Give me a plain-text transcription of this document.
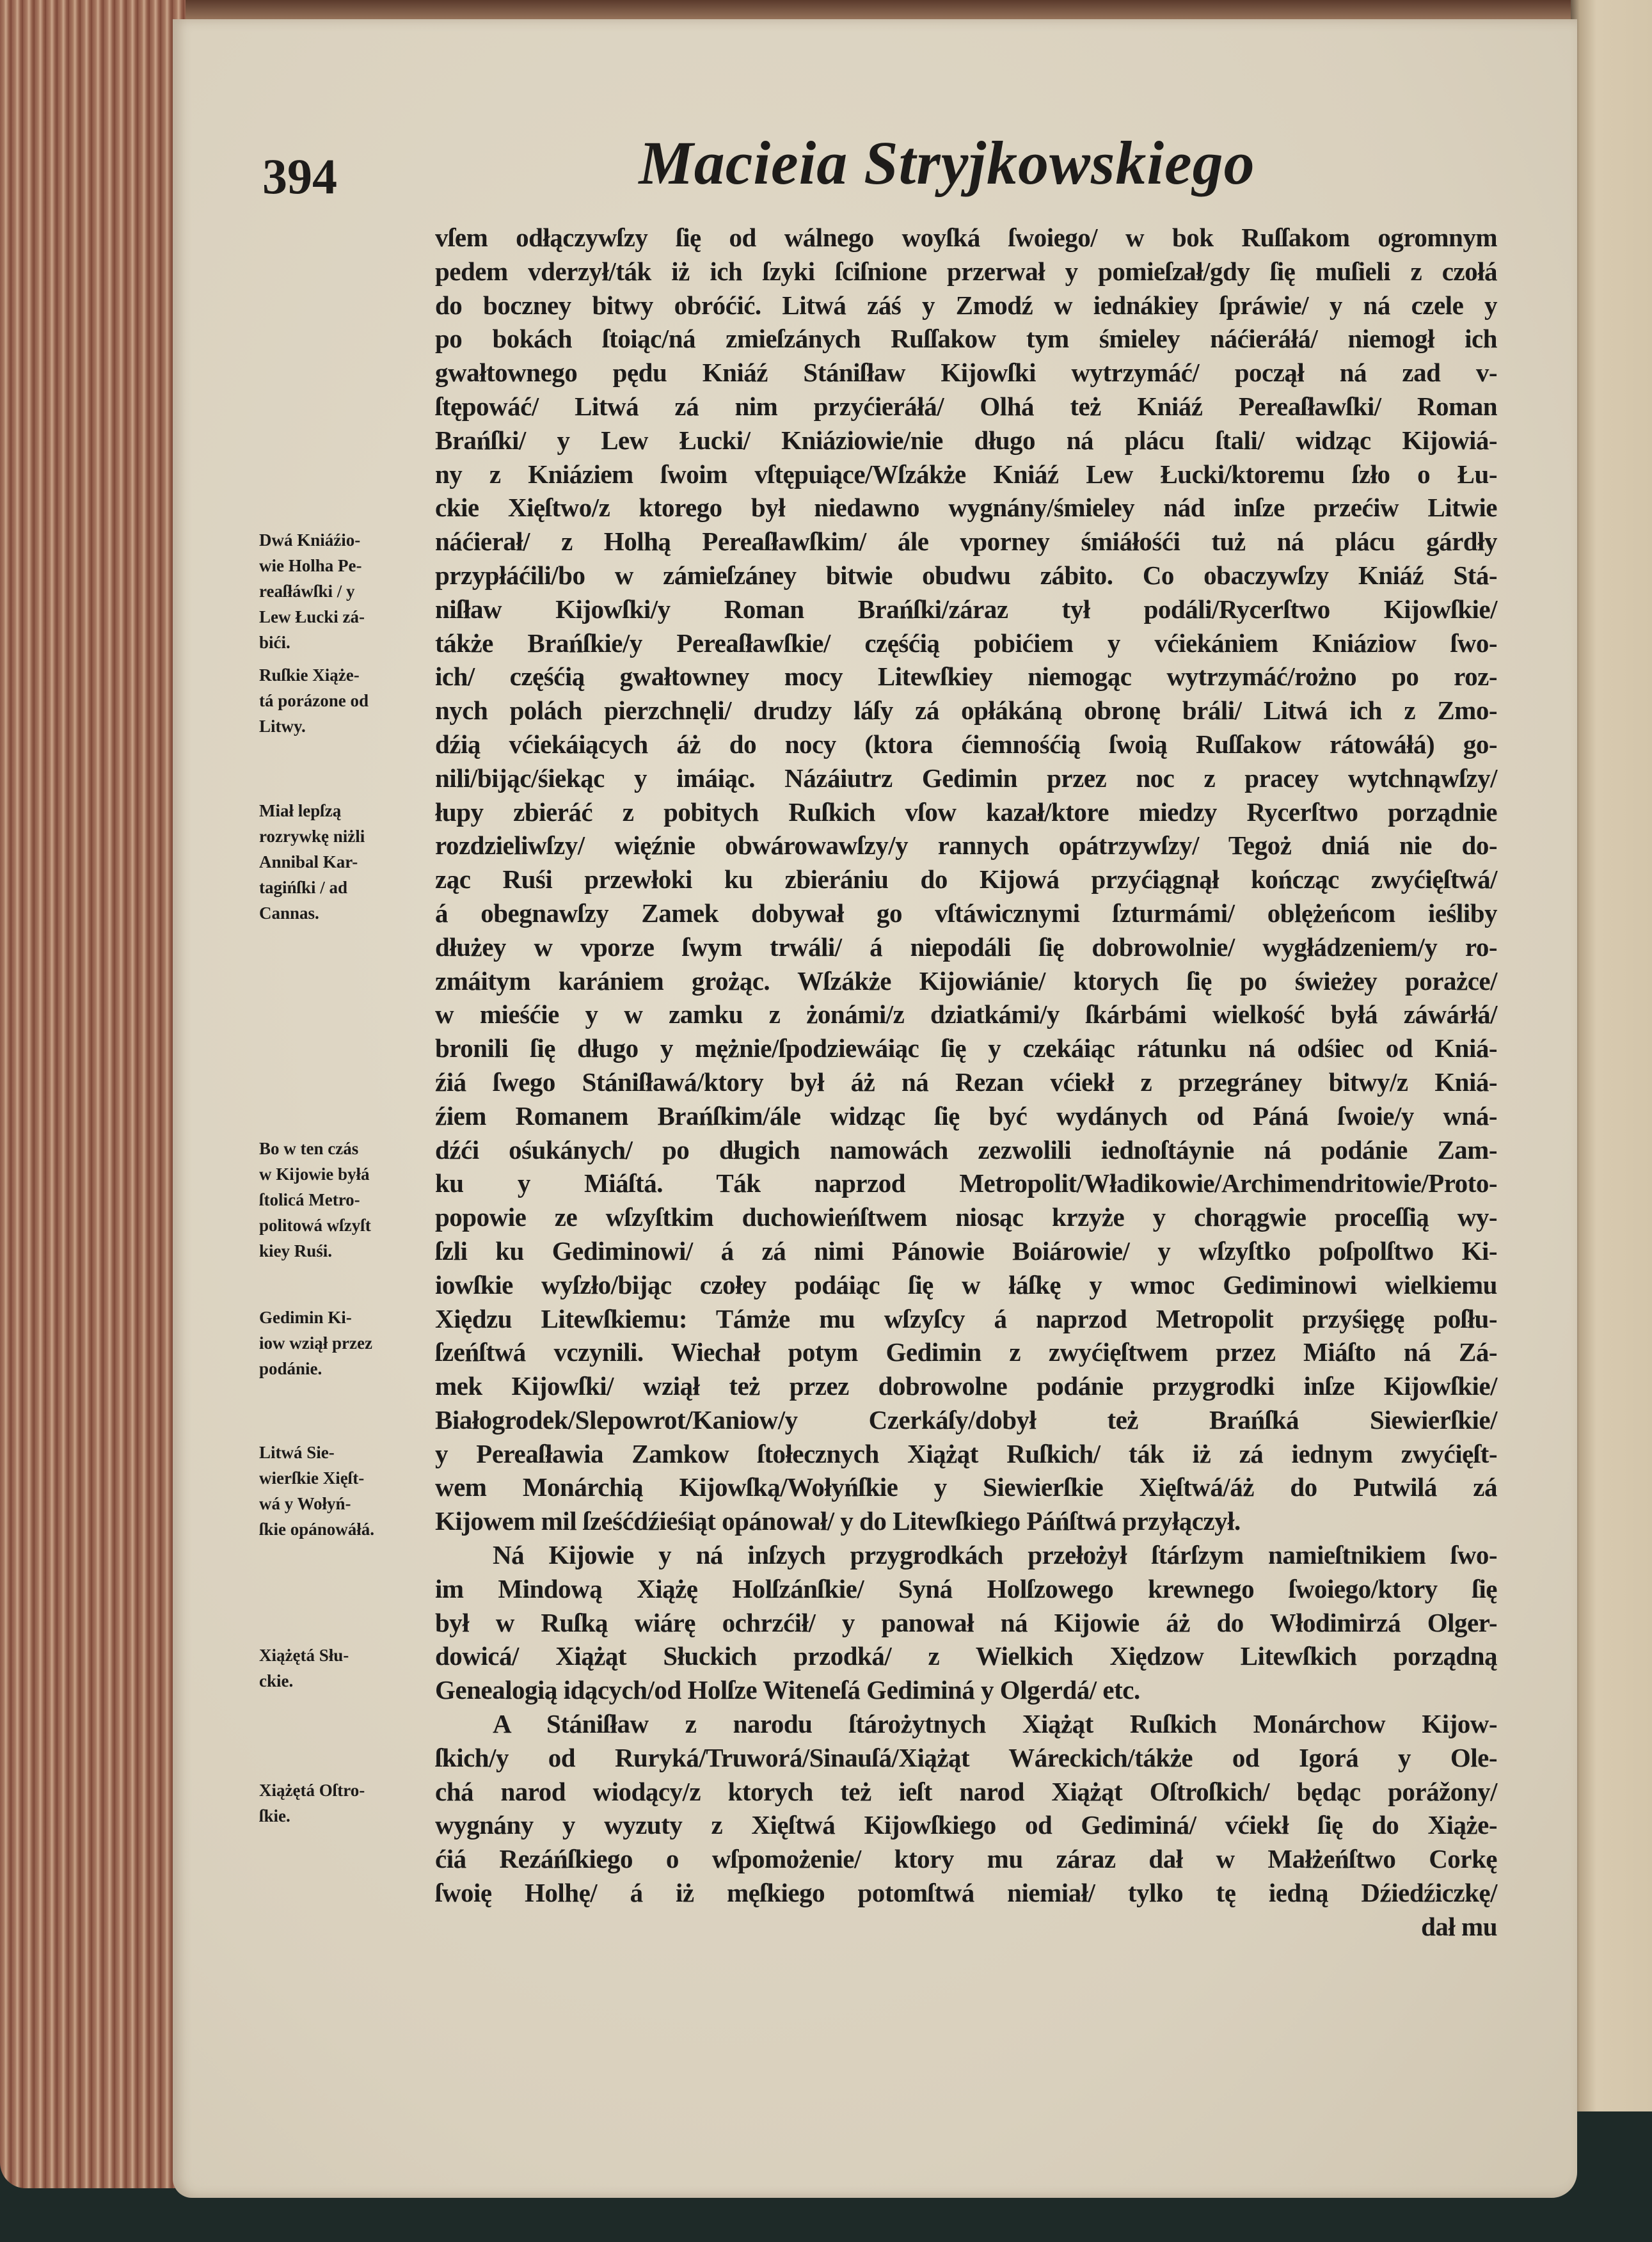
394	Macieia Stryjkowskiego
vſem odłączywſzy ſię od wálnego woyſká ſwoiego/ w bok Ruſſakom ogromnym
pedem vderzył/ták iż ich ſzyki ſciſnione przerwał y pomieſzał/gdy ſię muſieli z czołá
do boczney bitwy obróćić. Litwá záś y Zmodź w iednákiey ſpráwie/ y ná czele y
po bokách ſtoiąc/ná zmieſzánych Ruſſakow tym śmieley náćieráłá/ niemogł ich
gwałtownego pędu Kniáź Stániſław Kijowſki wytrzymáć/ począł ná zad v-
ſtępowáć/ Litwá zá nim przyćieráłá/ Olhá też Kniáź Pereaſławſki/ Roman
Brańſki/ y Lew Łucki/ Kniáziowie/nie długo ná plácu ſtali/ widząc Kijowiá-
ny z Kniáziem ſwoim vſtępuiące/Wſzákże Kniáź Lew Łucki/ktoremu ſzło o Łu-
ckie Xięſtwo/z ktorego był niedawno wygnány/śmieley nád inſze przećiw Litwie
náćierał/ z Holhą Pereaſławſkim/ ále vporney śmiáłośći tuż ná plácu gárdły
przypłáćili/bo w zámieſzáney bitwie obudwu zábito. Co obaczywſzy Kniáź Stá-
niſław Kijowſki/y Roman Brańſki/záraz tył podáli/Rycerſtwo Kijowſkie/
tákże Brańſkie/y Pereaſławſkie/ częśćią pobićiem y vćiekániem Kniáziow ſwo-
ich/ częśćią gwałtowney mocy Litewſkiey niemogąc wytrzymáć/rożno po roz-
nych polách pierzchnęli/ drudzy láſy zá opłákáną obronę bráli/ Litwá ich z Zmo-
dźią vćiekáiących áż do nocy (ktora ćiemnośćią ſwoią Ruſſakow rátowáłá) go-
nili/bijąc/śiekąc y imáiąc. Názáiutrz Gedimin przez noc z pracey wytchnąwſzy/
łupy zbieráć z pobitych Ruſkich vſow kazał/ktore miedzy Rycerſtwo porządnie
rozdzieliwſzy/ więźnie obwárowawſzy/y rannych opátrzywſzy/ Tegoż dniá nie do-
ząc Ruśi przewłoki ku zbierániu do Kijowá przyćiągnął kończąc zwyćięſtwá/
á obegnawſzy Zamek dobywał go vſtáwicznymi ſzturmámi/ oblężeńcom ieśliby
dłużey w vporze ſwym trwáli/ á niepodáli ſię dobrowolnie/ wygłádzeniem/y ro-
zmáitym karániem grożąc. Wſzákże Kijowiánie/ ktorych ſię po świeżey porażce/
w mieśćie y w zamku z żonámi/z dziatkámi/y ſkárbámi wielkość byłá záwárłá/
bronili ſię długo y mężnie/ſpodziewáiąc ſię y czekáiąc rátunku ná odśiec od Kniá-
źiá ſwego Stániſławá/ktory był áż ná Rezan vćiekł z przegráney bitwy/z Kniá-
źiem Romanem Brańſkim/ále widząc ſię być wydánych od Páná ſwoie/y wná-
dźći ośukánych/ po długich namowách zezwolili iednoſtáynie ná podánie Zam-
ku y Miáſtá. Ták naprzod Metropolit/Władikowie/Archimendritowie/Proto-
popowie ze wſzyſtkim duchowieńſtwem niosąc krzyże y chorągwie proceſſią wy-
ſzli ku Gediminowi/ á zá nimi Pánowie Boiárowie/ y wſzyſtko poſpolſtwo Ki-
iowſkie wyſzło/bijąc czołey podáiąc ſię w łáſkę y wmoc Gediminowi wielkiemu
Xiędzu Litewſkiemu: Támże mu wſzyſcy á naprzod Metropolit przyśięgę poſłu-
ſzeńſtwá vczynili. Wiechał potym Gedimin z zwyćięſtwem przez Miáſto ná Zá-
mek Kijowſki/ wziął też przez dobrowolne podánie przygrodki inſze Kijowſkie/
Białogrodek/Slepowrot/Kaniow/y Czerkáſy/dobył też Brańſká Siewierſkie/
y Pereaſławia Zamkow ſtołecznych Xiążąt Ruſkich/ ták iż zá iednym zwyćięſt-
wem Monárchią Kijowſką/Wołyńſkie y Siewierſkie Xięſtwá/áż do Putwilá zá
Kijowem mil ſześćdźieśiąt opánował/ y do Litewſkiego Páńſtwá przyłączył.
Ná Kijowie y ná inſzych przygrodkách przełożył ſtárſzym namieſtnikiem ſwo-
im Mindową Xiążę Holſzánſkie/ Syná Holſzowego krewnego ſwoiego/ktory ſię
był w Ruſką wiárę ochrzćił/ y panował ná Kijowie áż do Włodimirzá Olger-
dowicá/ Xiążąt Słuckich przodká/ z Wielkich Xiędzow Litewſkich porządną
Genealogią idących/od Holſze Witeneſá Gediminá y Olgerdá/ etc.
A Stániſław z narodu ſtárożytnych Xiążąt Ruſkich Monárchow Kijow-
ſkich/y od Ruryká/Truworá/Sinauſá/Xiążąt Wáreckich/tákże od Igorá y Ole-
chá narod wiodący/z ktorych też ieſt narod Xiążąt Oſtroſkich/ będąc porážony/
wygnány y wyzuty z Xięſtwá Kijowſkiego od Gediminá/ vćiekł ſię do Xiąże-
ćiá Rezáńſkiego o wſpomożenie/ ktory mu záraz dał w Małżeńſtwo Corkę
ſwoię Holhę/ á iż męſkiego potomſtwá niemiał/ tylko tę iedną Dźiedźiczkę/
dał mu
Dwá Kniáźio-
wie Holha Pe-
reaſłáwſki / y
Lew Łucki zá-
bići.
Ruſkie Xiąże-
tá porázone od
Litwy.
Miał lepſzą
rozrywkę niżli
Annibal Kar-
tagińſki / ad
Cannas.
Bo w ten czás
w Kijowie byłá
ſtolicá Metro-
politowá wſzyſt
kiey Ruśi.
Gedimin Ki-
iow wziął przez
podánie.
Litwá Sie-
wierſkie Xięſt-
wá y Wołyń-
ſkie opánowáłá.
Xiążętá Słu-
ckie.
Xiążętá Oſtro-
ſkie.
